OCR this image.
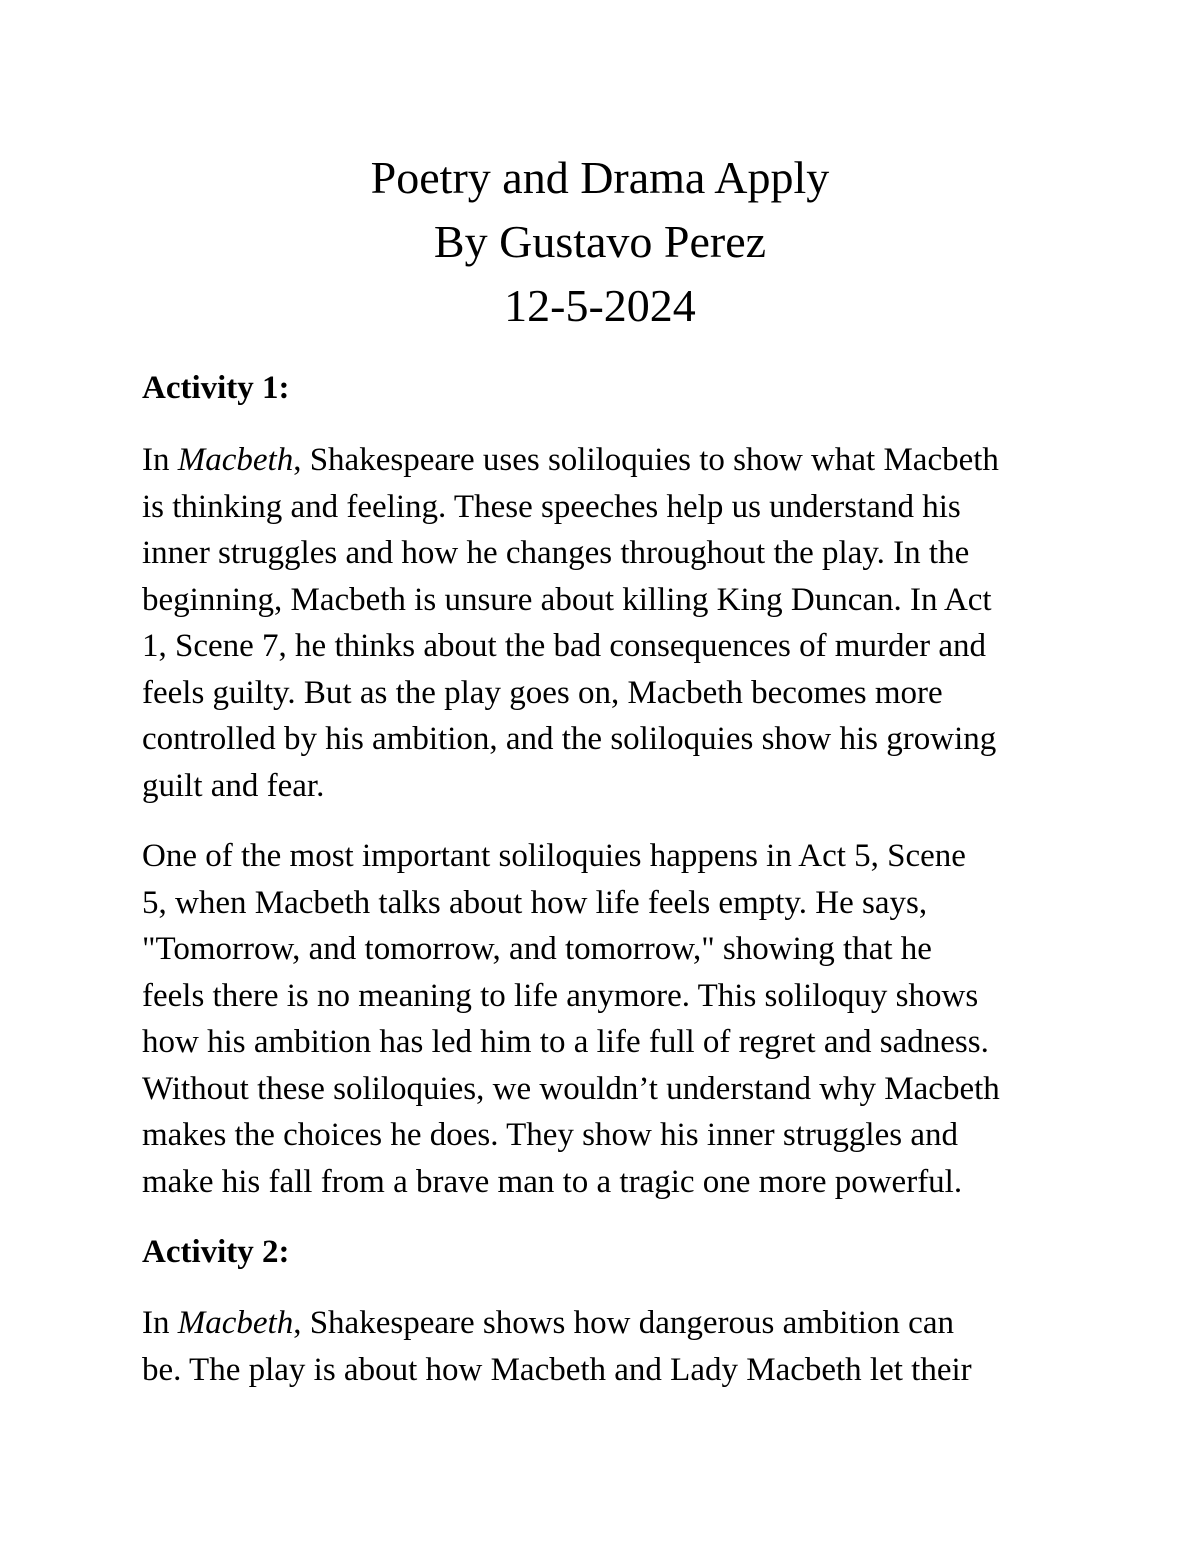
Poetry and Drama Apply
By Gustavo Perez
12-5-2024
Activity 1:
In Macbeth, Shakespeare uses soliloquies to show what Macbeth
is thinking and feeling. These speeches help us understand his
inner struggles and how he changes throughout the play. In the
beginning, Macbeth is unsure about killing King Duncan. In Act
1, Scene 7, he thinks about the bad consequences of murder and
feels guilty. But as the play goes on, Macbeth becomes more
controlled by his ambition, and the soliloquies show his growing
guilt and fear.
One of the most important soliloquies happens in Act 5, Scene
5, when Macbeth talks about how life feels empty. He says,
"Tomorrow, and tomorrow, and tomorrow," showing that he
feels there is no meaning to life anymore. This soliloquy shows
how his ambition has led him to a life full of regret and sadness.
Without these soliloquies, we wouldn’t understand why Macbeth
makes the choices he does. They show his inner struggles and
make his fall from a brave man to a tragic one more powerful.
Activity 2:
In Macbeth, Shakespeare shows how dangerous ambition can
be. The play is about how Macbeth and Lady Macbeth let their
